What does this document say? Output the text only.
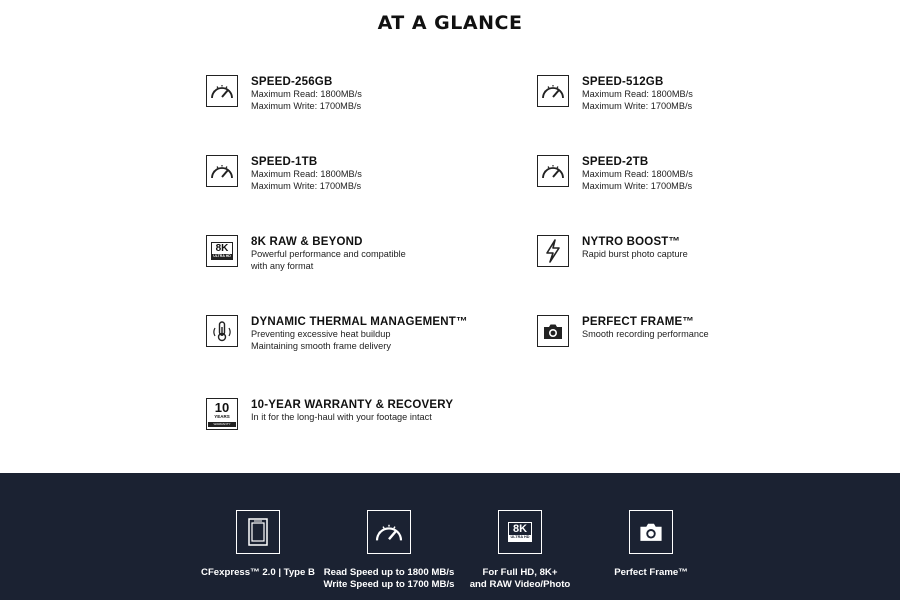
AT A GLANCE
SPEED-256GB
Maximum Read: 1800MB/s
Maximum Write: 1700MB/s
SPEED-512GB
Maximum Read: 1800MB/s
Maximum Write: 1700MB/s
SPEED-1TB
Maximum Read: 1800MB/s
Maximum Write: 1700MB/s
SPEED-2TB
Maximum Read: 1800MB/s
Maximum Write: 1700MB/s
8K
ULTRA HD
8K RAW & BEYOND
Powerful performance and compatible
with any format
NYTRO BOOST™
Rapid burst photo capture
DYNAMIC THERMAL MANAGEMENT™
Preventing excessive heat buildup
Maintaining smooth frame delivery
PERFECT FRAME™
Smooth recording performance
10
YEARS
WARRANTY
10-YEAR WARRANTY & RECOVERY
In it for the long-haul with your footage intact
CFexpress™ 2.0 | Type B Read Speed up to 1800 MB/s
Write Speed up to 1700 MB/s
8K
ULTRA HD
For Full HD, 8K+
and RAW Video/Photo
Perfect Frame™
